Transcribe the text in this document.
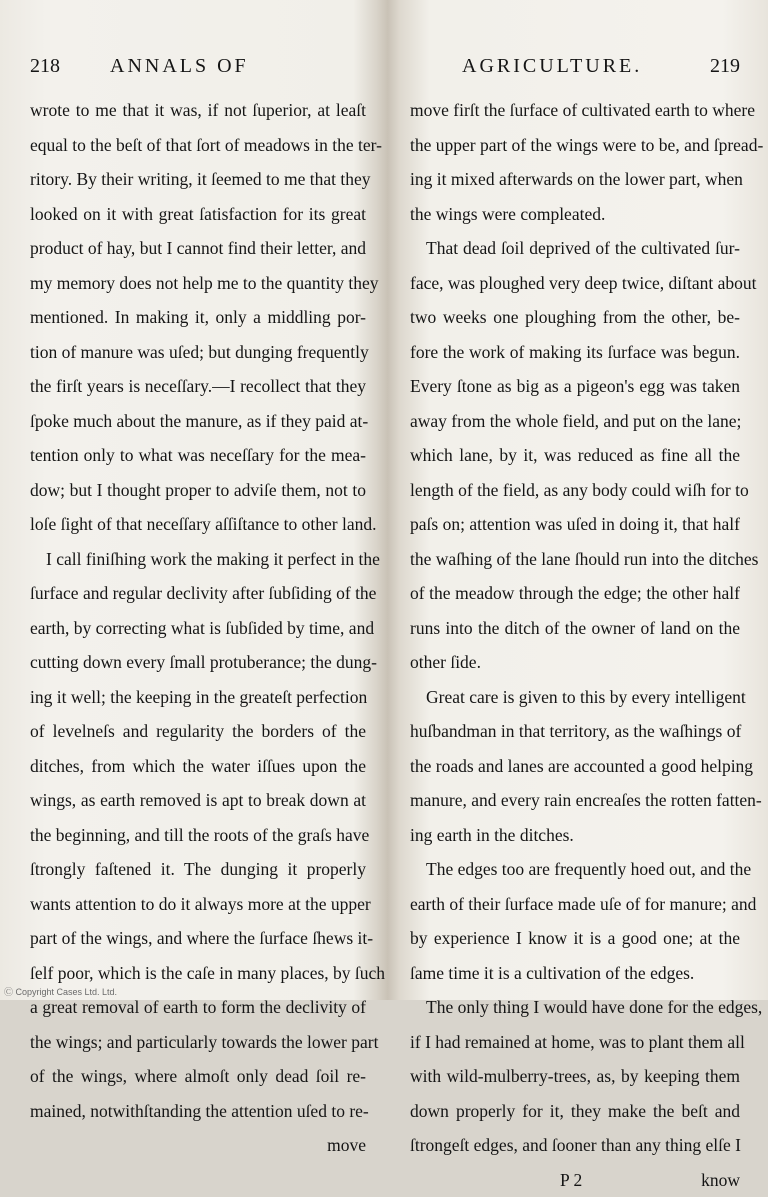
218	ANNALS OF
wrote to me that it was, if not ſuperior, at leaſt
equal to the beſt of that ſort of meadows in the ter-
ritory. By their writing, it ſeemed to me that they
looked on it with great ſatisfaction for its great
product of hay, but I cannot find their letter, and
my memory does not help me to the quantity they
mentioned. In making it, only a middling por-
tion of manure was uſed; but dunging frequently
the firſt years is neceſſary.—I recollect that they
ſpoke much about the manure, as if they paid at-
tention only to what was neceſſary for the mea-
dow; but I thought proper to adviſe them, not to
loſe ſight of that neceſſary aſſiſtance to other land.
I call finiſhing work the making it perfect in the
ſurface and regular declivity after ſubſiding of the
earth, by correcting what is ſubſided by time, and
cutting down every ſmall protuberance; the dung-
ing it well; the keeping in the greateſt perfection
of levelneſs and regularity the borders of the
ditches, from which the water iſſues upon the
wings, as earth removed is apt to break down at
the beginning, and till the roots of the graſs have
ſtrongly faſtened it. The dunging it properly
wants attention to do it always more at the upper
part of the wings, and where the ſurface ſhews it-
ſelf poor, which is the caſe in many places, by ſuch
a great removal of earth to form the declivity of
the wings; and particularly towards the lower part
of the wings, where almoſt only dead ſoil re-
mained, notwithſtanding the attention uſed to re-
move
AGRICULTURE.	219
move firſt the ſurface of cultivated earth to where
the upper part of the wings were to be, and ſpread-
ing it mixed afterwards on the lower part, when
the wings were compleated.
That dead ſoil deprived of the cultivated ſur-
face, was ploughed very deep twice, diſtant about
two weeks one ploughing from the other, be-
fore the work of making its ſurface was begun.
Every ſtone as big as a pigeon's egg was taken
away from the whole field, and put on the lane;
which lane, by it, was reduced as fine all the
length of the field, as any body could wiſh for to
paſs on; attention was uſed in doing it, that half
the waſhing of the lane ſhould run into the ditches
of the meadow through the edge; the other half
runs into the ditch of the owner of land on the
other ſide.
Great care is given to this by every intelligent
huſbandman in that territory, as the waſhings of
the roads and lanes are accounted a good helping
manure, and every rain encreaſes the rotten fatten-
ing earth in the ditches.
The edges too are frequently hoed out, and the
earth of their ſurface made uſe of for manure; and
by experience I know it is a good one; at the
ſame time it is a cultivation of the edges.
The only thing I would have done for the edges,
if I had remained at home, was to plant them all
with wild-mulberry-trees, as, by keeping them
down properly for it, they make the beſt and
ſtrongeſt edges, and ſooner than any thing elſe I
P 2	know
Ⓒ Copyright Cases Ltd. Ltd.
